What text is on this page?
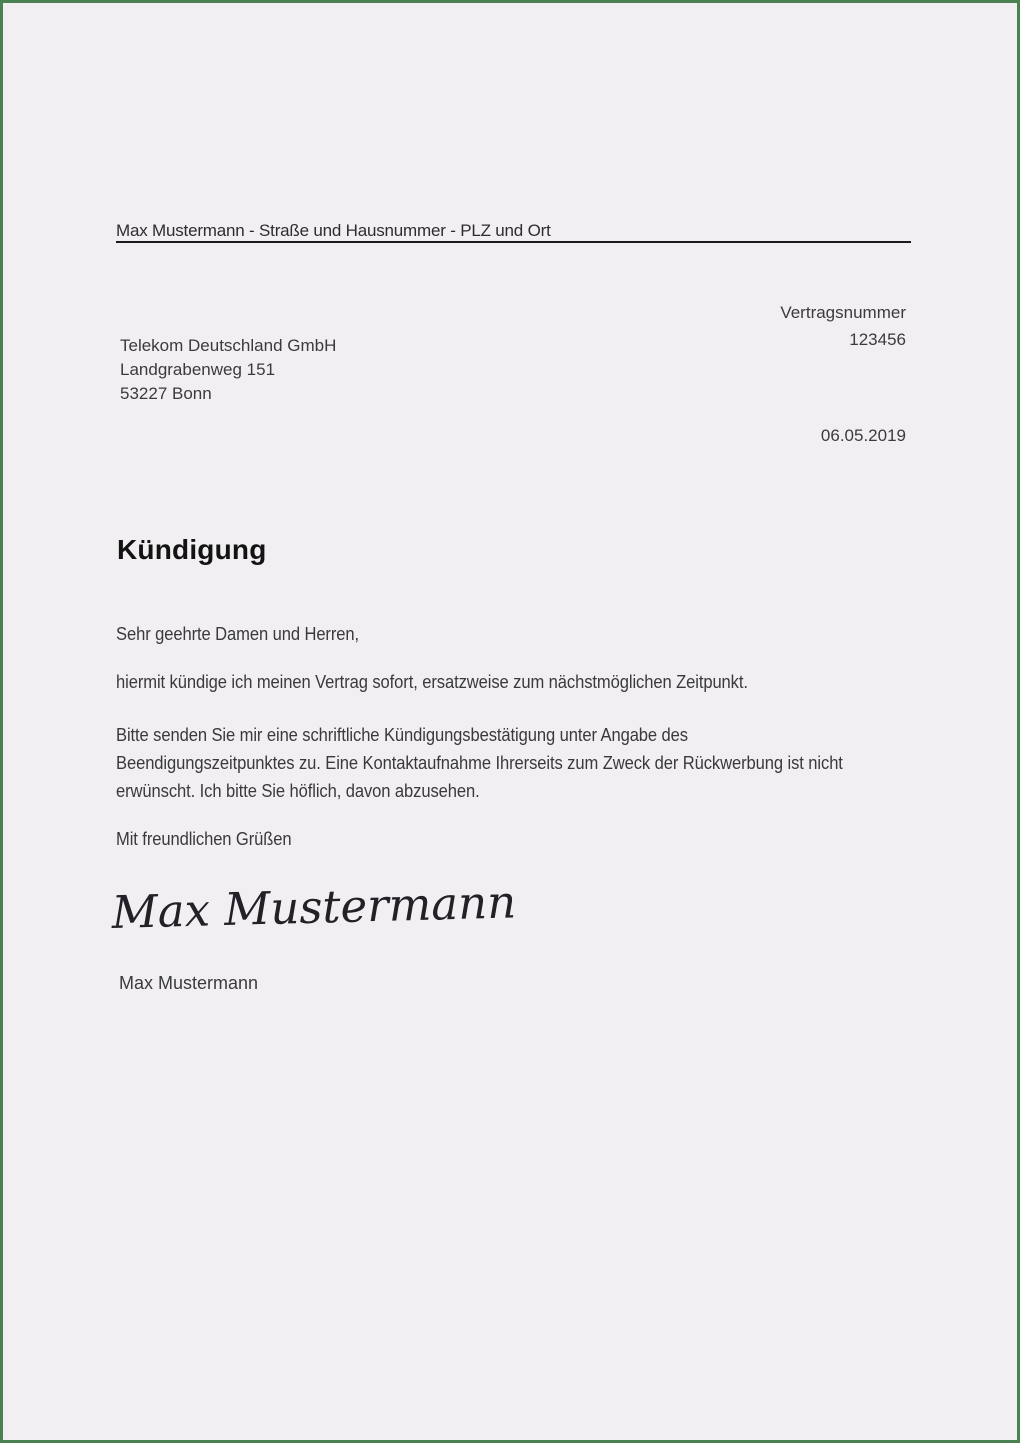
Max Mustermann - Straße und Hausnummer - PLZ und Ort
Vertragsnummer
123456
Telekom Deutschland GmbH
Landgrabenweg 151
53227 Bonn
06.05.2019
Kündigung
Sehr geehrte Damen und Herren,
hiermit kündige ich meinen Vertrag sofort, ersatzweise zum nächstmöglichen Zeitpunkt.
Bitte senden Sie mir eine schriftliche Kündigungsbestätigung unter Angabe des
Beendigungszeitpunktes zu. Eine Kontaktaufnahme Ihrerseits zum Zweck der Rückwerbung ist nicht
erwünscht. Ich bitte Sie höflich, davon abzusehen.
Mit freundlichen Grüßen
Max Mustermann
Max Mustermann
